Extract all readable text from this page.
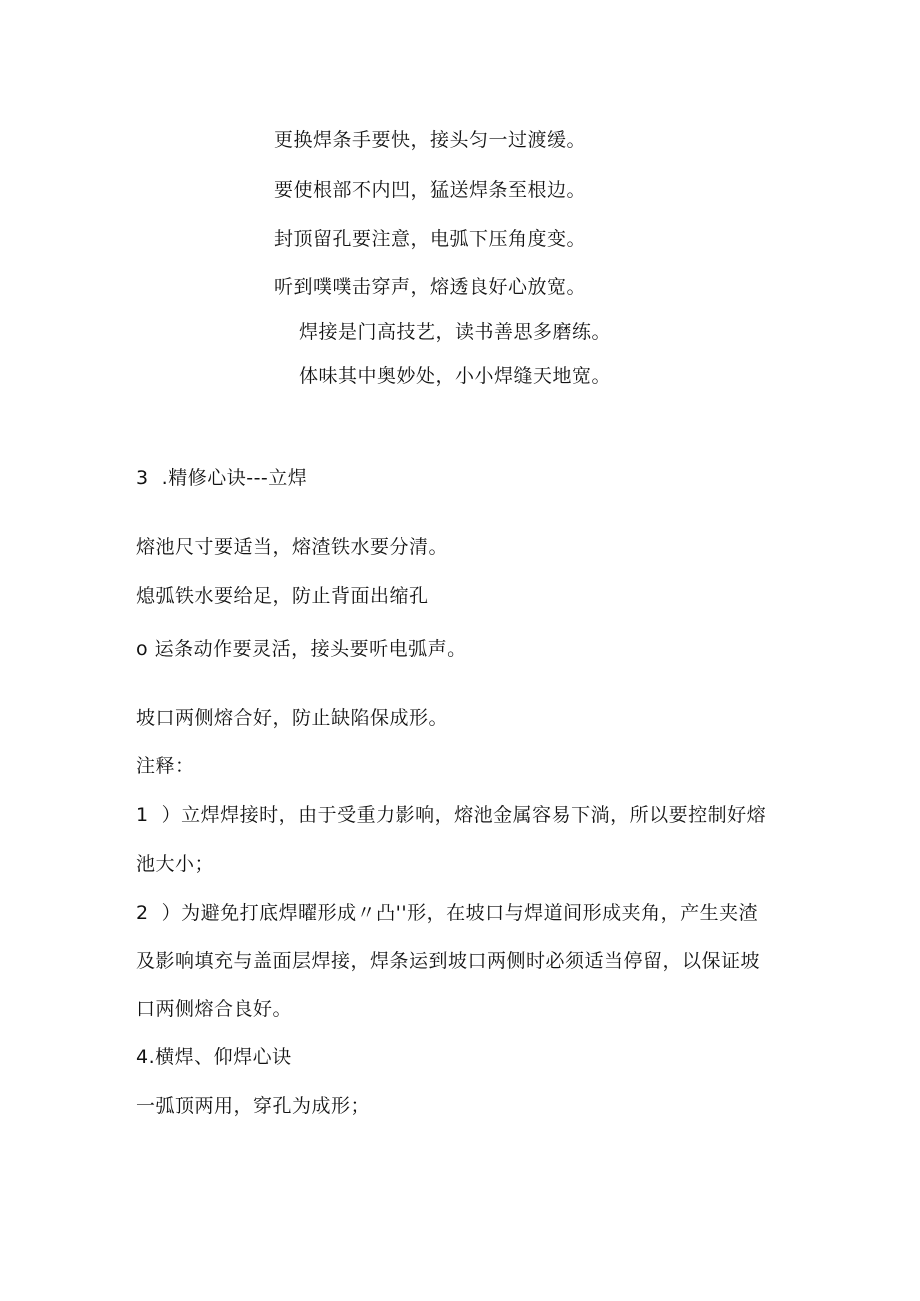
更换焊条手要快，接头匀一过渡缓。
要使根部不内凹，猛送焊条至根边。
封顶留孔要注意，电弧下压角度变。
听到噗噗击穿声，熔透良好心放宽。
焊接是门高技艺，读书善思多磨练。
体味其中奥妙处，小小焊缝天地宽。
3  .精修心诀---立焊
熔池尺寸要适当，熔渣铁水要分清。
熄弧铁水要给足，防止背面出缩孔
o 运条动作要灵活，接头要听电弧声。
坡口两侧熔合好，防止缺陷保成形。
注释：
1  ）立焊焊接时，由于受重力影响，熔池金属容易下淌，所以要控制好熔
池大小；
2  ）为避免打底焊曜形成〃凸''形，在坡口与焊道间形成夹角，产生夹渣
及影响填充与盖面层焊接，焊条运到坡口两侧时必须适当停留，以保证坡
口两侧熔合良好。
4.横焊、仰焊心诀
一弧顶两用，穿孔为成形；
